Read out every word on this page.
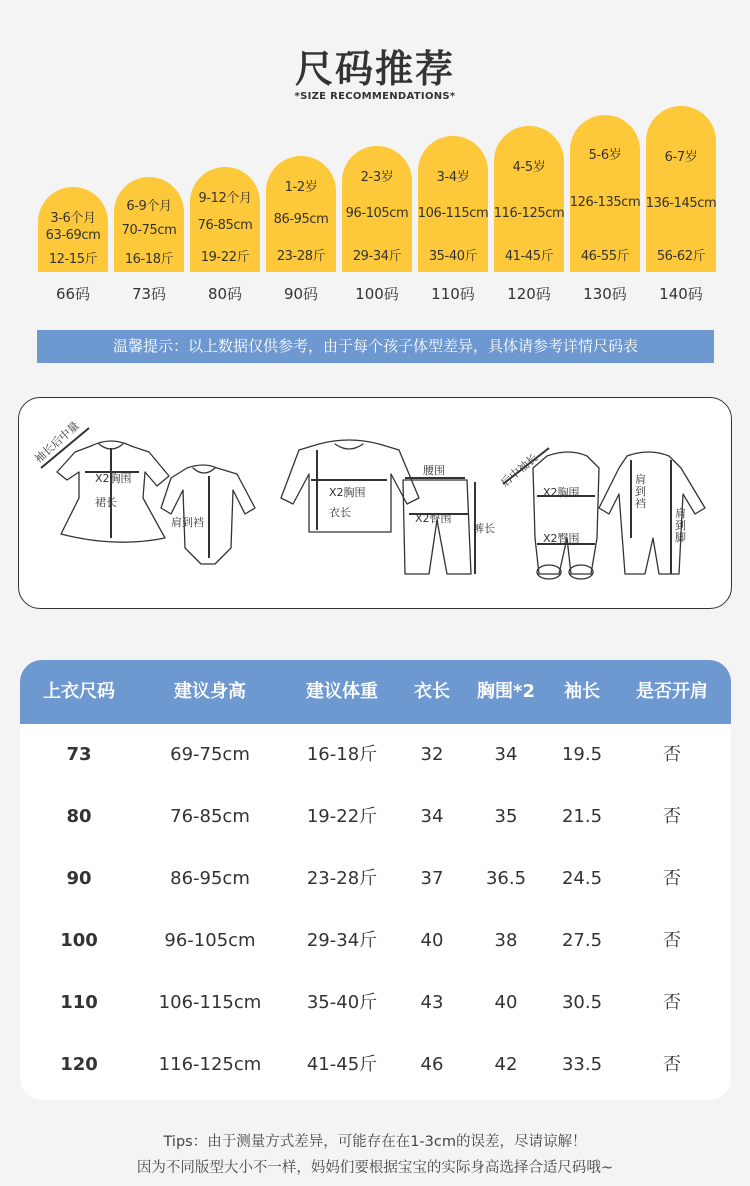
尺码推荐
*SIZE RECOMMENDATIONS*
3-6个月
63-69cm
12-15斤
66码
6-9个月
70-75cm
16-18斤
73码
9-12个月
76-85cm
19-22斤
80码
1-2岁
86-95cm
23-28斤
90码
2-3岁
96-105cm
29-34斤
100码
3-4岁
106-115cm
35-40斤
110码
4-5岁
116-125cm
41-45斤
120码
5-6岁
126-135cm
46-55斤
130码
6-7岁
136-145cm
56-62斤
140码
温馨提示：以上数据仅供参考，由于每个孩子体型差异，具体请参考详情尺码表
袖长后中量
X2胸围
裙长
肩到裆
X2胸围
衣长
腰围
X2臀围
裤长
后中袖长
X2胸围
X2臀围
肩到裆
肩到脚
上衣尺码	建议身高	建议体重	衣长	胸围*2	袖长	是否开肩
73	69-75cm	16-18斤	32	34	19.5	否
80	76-85cm	19-22斤	34	35	21.5	否
90	86-95cm	23-28斤	37	36.5	24.5	否
100	96-105cm	29-34斤	40	38	27.5	否
110	106-115cm	35-40斤	43	40	30.5	否
120	116-125cm	41-45斤	46	42	33.5	否
Tips：由于测量方式差异，可能存在在1-3cm的误差，尽请谅解！
因为不同版型大小不一样，妈妈们要根据宝宝的实际身高选择合适尺码哦~
